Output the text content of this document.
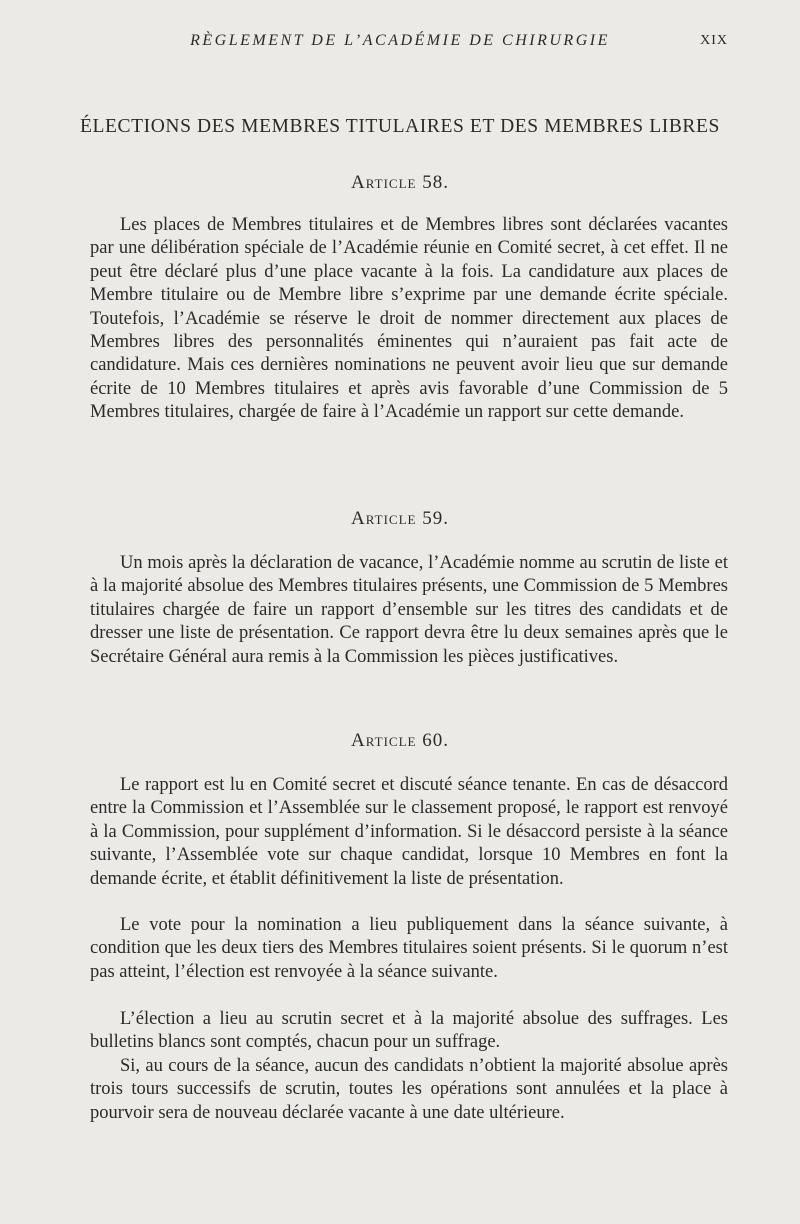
RÈGLEMENT DE L’ACADÉMIE DE CHIRURGIE	XIX
ÉLECTIONS DES MEMBRES TITULAIRES ET DES MEMBRES LIBRES
Article 58.

Les places de Membres titulaires et de Membres libres sont déclarées vacantes par une délibération spéciale de l’Académie réunie en Comité secret, à cet effet. Il ne peut être déclaré plus d’une place vacante à la fois. La candidature aux places de Membre titulaire ou de Membre libre s’exprime par une demande écrite spéciale. Toutefois, l’Académie se réserve le droit de nommer directement aux places de Membres libres des personnalités éminentes qui n’auraient pas fait acte de candidature. Mais ces dernières nominations ne peuvent avoir lieu que sur demande écrite de 10 Membres titulaires et après avis favorable d’une Commission de 5 Membres titulaires, chargée de faire à l’Académie un rapport sur cette demande.

Article 59.

Un mois après la déclaration de vacance, l’Académie nomme au scrutin de liste et à la majorité absolue des Membres titulaires présents, une Commission de 5 Membres titulaires chargée de faire un rapport d’ensemble sur les titres des candidats et de dresser une liste de présentation. Ce rapport devra être lu deux semaines après que le Secrétaire Général aura remis à la Commission les pièces justificatives.

Article 60.

Le rapport est lu en Comité secret et discuté séance tenante. En cas de désaccord entre la Commission et l’Assemblée sur le classement proposé, le rapport est renvoyé à la Commission, pour supplément d’information. Si le désaccord persiste à la séance suivante, l’Assemblée vote sur chaque candidat, lorsque 10 Membres en font la demande écrite, et établit définitivement la liste de présentation.

Le vote pour la nomination a lieu publiquement dans la séance suivante, à condition que les deux tiers des Membres titulaires soient présents. Si le quorum n’est pas atteint, l’élection est renvoyée à la séance suivante.

L’élection a lieu au scrutin secret et à la majorité absolue des suffrages. Les bulletins blancs sont comptés, chacun pour un suffrage.

Si, au cours de la séance, aucun des candidats n’obtient la majorité absolue après trois tours successifs de scrutin, toutes les opérations sont annulées et la place à pourvoir sera de nouveau déclarée vacante à une date ultérieure.
